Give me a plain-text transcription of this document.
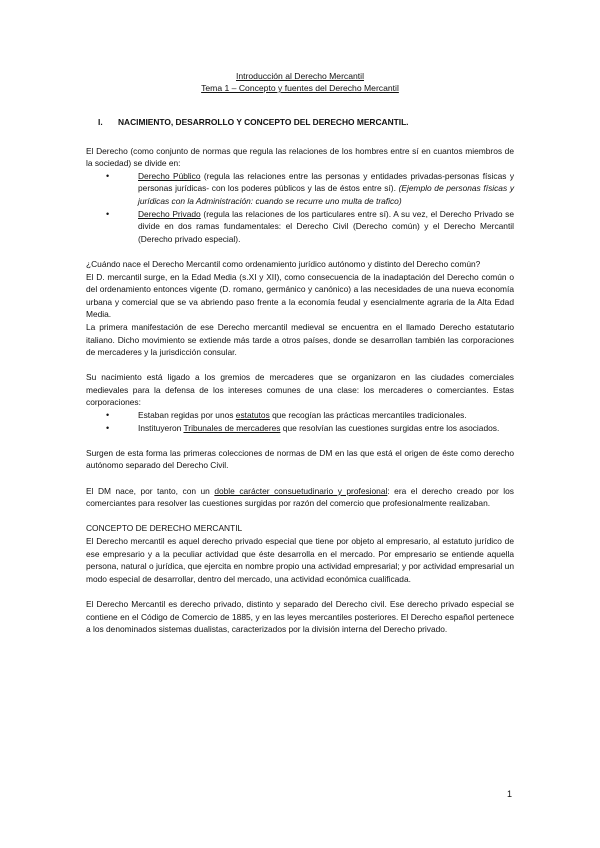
Introducción al Derecho Mercantil
Tema 1 – Concepto y fuentes del Derecho Mercantil
I.	NACIMIENTO, DESARROLLO Y CONCEPTO DEL DERECHO MERCANTIL.

El Derecho (como conjunto de normas que regula las relaciones de los hombres entre sí en cuantos miembros de la sociedad) se divide en:

• Derecho Público (regula las relaciones entre las personas y entidades privadas-personas físicas y personas jurídicas- con los poderes públicos y las de éstos entre sí). (Ejemplo de personas físicas y jurídicas con la Administración: cuando se recurre uno multa de trafico)
• Derecho Privado (regula las relaciones de los particulares entre sí). A su vez, el Derecho Privado se divide en dos ramas fundamentales: el Derecho Civil (Derecho común) y el Derecho Mercantil (Derecho privado especial).

¿Cuándo nace el Derecho Mercantil como ordenamiento jurídico autónomo y distinto del Derecho común?

El D. mercantil surge, en la Edad Media (s.XI y XII), como consecuencia de la inadaptación del Derecho común o del ordenamiento entonces vigente (D. romano, germánico y canónico) a las necesidades de una nueva economía urbana y comercial que se va abriendo paso frente a la economía feudal y esencialmente agraria de la Alta Edad Media.

La primera manifestación de ese Derecho mercantil medieval se encuentra en el llamado Derecho estatutario italiano. Dicho movimiento se extiende más tarde a otros países, donde se desarrollan también las corporaciones de mercaderes y la jurisdicción consular.

Su nacimiento está ligado a los gremios de mercaderes que se organizaron en las ciudades comerciales medievales para la defensa de los intereses comunes de una clase: los mercaderes o comerciantes. Estas corporaciones:

• Estaban regidas por unos estatutos que recogían las prácticas mercantiles tradicionales.
• Instituyeron Tribunales de mercaderes que resolvían las cuestiones surgidas entre los asociados.

Surgen de esta forma las primeras colecciones de normas de DM en las que está el origen de éste como derecho autónomo separado del Derecho Civil.

El DM nace, por tanto, con un doble carácter consuetudinario y profesional: era el derecho creado por los comerciantes para resolver las cuestiones surgidas por razón del comercio que profesionalmente realizaban.

CONCEPTO DE DERECHO MERCANTIL

El Derecho mercantil es aquel derecho privado especial que tiene por objeto al empresario, al estatuto jurídico de ese empresario y a la peculiar actividad que éste desarrolla en el mercado. Por empresario se entiende aquella persona, natural o jurídica, que ejercita en nombre propio una actividad empresarial; y por actividad empresarial un modo especial de desarrollar, dentro del mercado, una actividad económica cualificada.

El Derecho Mercantil es derecho privado, distinto y separado del Derecho civil. Ese derecho privado especial se contiene en el Código de Comercio de 1885, y en las leyes mercantiles posteriores. El Derecho español pertenece a los denominados sistemas dualistas, caracterizados por la división interna del Derecho privado.

1
